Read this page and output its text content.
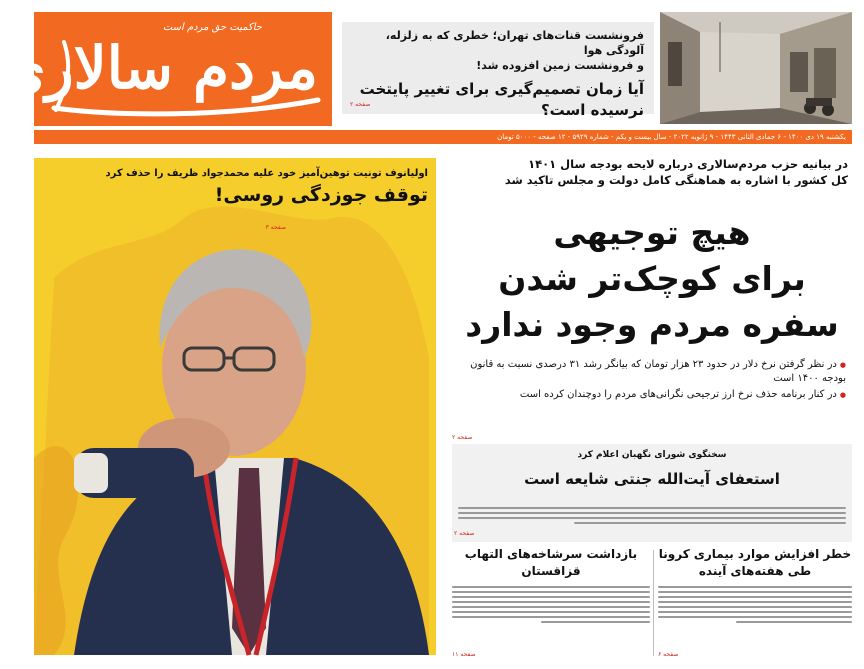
حاکمیت حق مردم است
مردم سالاری	فرونشست قنات‌های تهران؛ خطری که به زلزله، آلودگی هوا
و فرونشست زمین افزوده شد!
آیا زمان تصمیم‌گیری برای تغییر پایتخت
نرسیده است؟
صفحه ۲
یکشنبه ۱۹ دی ۱۴۰۰ - ۶ جمادی الثانی ۱۴۴۳ - ۹ ژانویه ۲۰۲۲ - سال بیست و یکم - شماره ۵۹۲۹ - ۱۲ صفحه - ۵۰۰۰ تومان
اولیانوف تونیت توهین‌آمیز خود علیه محمدجواد ظریف را حذف کرد
توقف جوزدگی روسی!
صفحه ۳
در بیانیه حزب مردم‌سالاری درباره لایحه بودجه سال ۱۴۰۱
کل کشور با اشاره به هماهنگی کامل دولت و مجلس تاکید شد
هیچ توجیهی
برای کوچک‌تر شدن
سفره مردم وجود ندارد
● در نظر گرفتن نرخ دلار در حدود ۲۳ هزار تومان که بیانگر رشد ۳۱ درصدی نسبت به قانون بودجه ۱۴۰۰ است
● در کنار برنامه حذف نرخ ارز ترجیحی نگرانی‌های مردم را دوچندان کرده است
صفحه ۲
سخنگوی شورای نگهبان اعلام کرد
استعفای آیت‌الله جنتی شایعه است
صفحه ۲
خطر افزایش موارد بیماری کرونا
طی هفته‌های آینده
صفحه ۶
بازداشت سرشاخه‌های التهاب
قزاقستان
صفحه ۱۱
